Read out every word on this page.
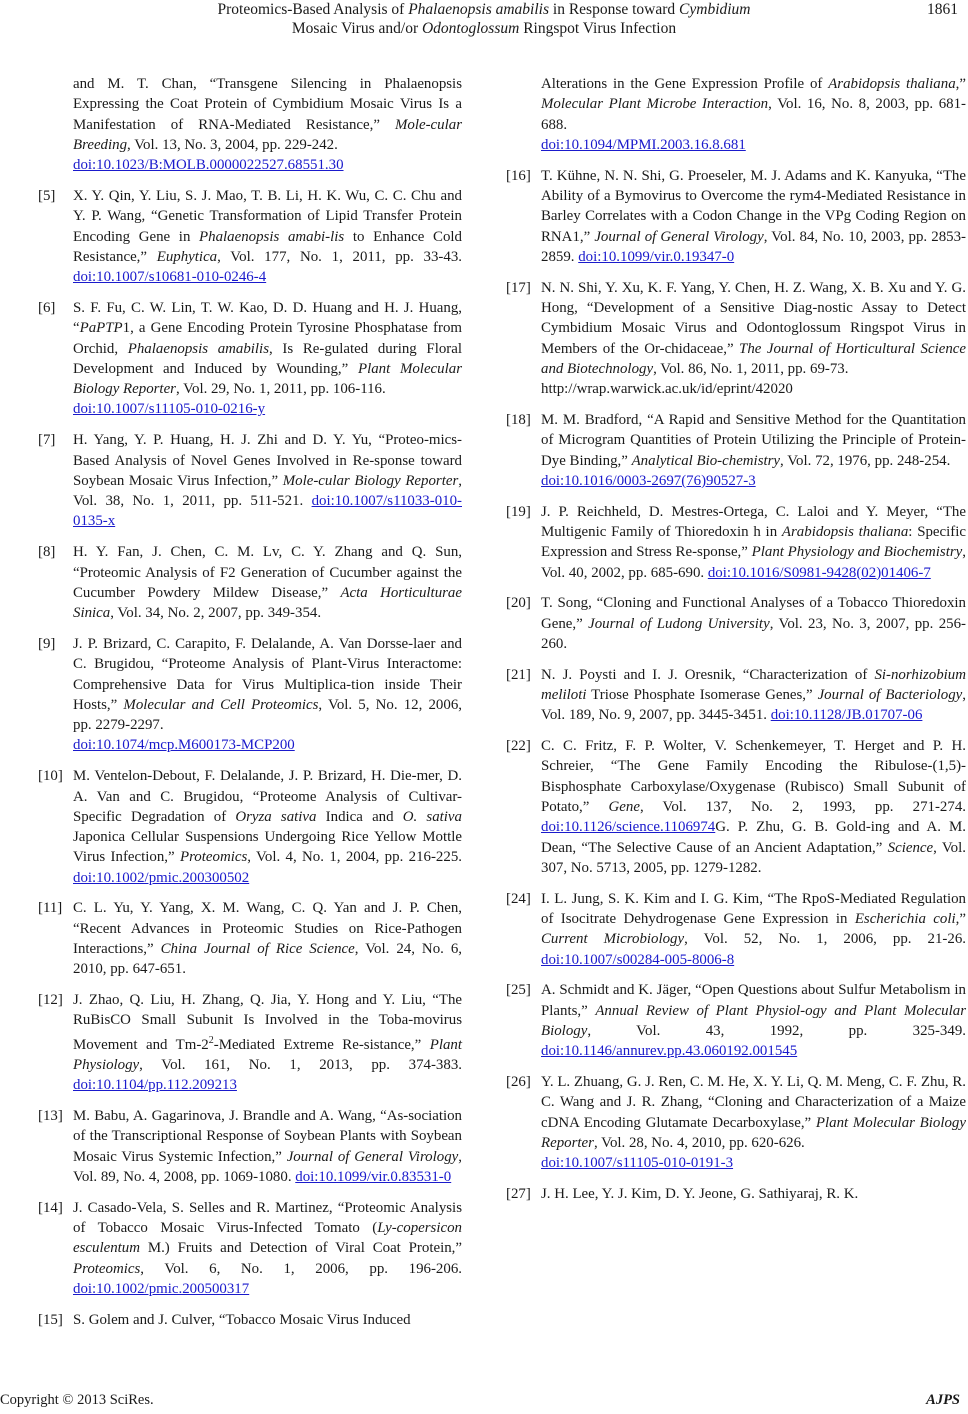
Proteomics-Based Analysis of Phalaenopsis amabilis in Response toward Cymbidium
Mosaic Virus and/or Odontoglossum Ringspot Virus Infection
1861
and M. T. Chan, “Transgene Silencing in Phalaenopsis Expressing the Coat Protein of Cymbidium Mosaic Virus Is a Manifestation of RNA-Mediated Resistance,” Mole-cular Breeding, Vol. 13, No. 3, 2004, pp. 229-242.
doi:10.1023/B:MOLB.0000022527.68551.30
[5] X. Y. Qin, Y. Liu, S. J. Mao, T. B. Li, H. K. Wu, C. C. Chu and Y. P. Wang, “Genetic Transformation of Lipid Transfer Protein Encoding Gene in Phalaenopsis amabi-lis to Enhance Cold Resistance,” Euphytica, Vol. 177, No. 1, 2011, pp. 33-43. doi:10.1007/s10681-010-0246-4
[6] S. F. Fu, C. W. Lin, T. W. Kao, D. D. Huang and H. J. Huang, “PaPTP1, a Gene Encoding Protein Tyrosine Phosphatase from Orchid, Phalaenopsis amabilis, Is Re-gulated during Floral Development and Induced by Wounding,” Plant Molecular Biology Reporter, Vol. 29, No. 1, 2011, pp. 106-116.
doi:10.1007/s11105-010-0216-y
[7] H. Yang, Y. P. Huang, H. J. Zhi and D. Y. Yu, “Proteo-mics-Based Analysis of Novel Genes Involved in Re-sponse toward Soybean Mosaic Virus Infection,” Mole-cular Biology Reporter, Vol. 38, No. 1, 2011, pp. 511-521. doi:10.1007/s11033-010-0135-x
[8] H. Y. Fan, J. Chen, C. M. Lv, C. Y. Zhang and Q. Sun, “Proteomic Analysis of F2 Generation of Cucumber against the Cucumber Powdery Mildew Disease,” Acta Horticulturae Sinica, Vol. 34, No. 2, 2007, pp. 349-354.
[9] J. P. Brizard, C. Carapito, F. Delalande, A. Van Dorsse-laer and C. Brugidou, “Proteome Analysis of Plant-Virus Interactome: Comprehensive Data for Virus Multiplica-tion inside Their Hosts,” Molecular and Cell Proteomics, Vol. 5, No. 12, 2006, pp. 2279-2297.
doi:10.1074/mcp.M600173-MCP200
[10] M. Ventelon-Debout, F. Delalande, J. P. Brizard, H. Die-mer, D. A. Van and C. Brugidou, “Proteome Analysis of Cultivar-Specific Degradation of Oryza sativa Indica and O. sativa Japonica Cellular Suspensions Undergoing Rice Yellow Mottle Virus Infection,” Proteomics, Vol. 4, No. 1, 2004, pp. 216-225. doi:10.1002/pmic.200300502
[11] C. L. Yu, Y. Yang, X. M. Wang, C. Q. Yan and J. P. Chen, “Recent Advances in Proteomic Studies on Rice-Pathogen Interactions,” China Journal of Rice Science, Vol. 24, No. 6, 2010, pp. 647-651.
[12] J. Zhao, Q. Liu, H. Zhang, Q. Jia, Y. Hong and Y. Liu, “The RuBisCO Small Subunit Is Involved in the Toba-movirus Movement and $Tm-2^2$-Mediated Extreme Re-sistance,” Plant Physiology, Vol. 161, No. 1, 2013, pp. 374-383. doi:10.1104/pp.112.209213
[13] M. Babu, A. Gagarinova, J. Brandle and A. Wang, “As-sociation of the Transcriptional Response of Soybean Plants with Soybean Mosaic Virus Systemic Infection,” Journal of General Virology, Vol. 89, No. 4, 2008, pp. 1069-1080. doi:10.1099/vir.0.83531-0
[14] J. Casado-Vela, S. Selles and R. Martinez, “Proteomic Analysis of Tobacco Mosaic Virus-Infected Tomato (Ly-copersicon esculentum M.) Fruits and Detection of Viral Coat Protein,” Proteomics, Vol. 6, No. 1, 2006, pp. 196-206. doi:10.1002/pmic.200500317
[15] S. Golem and J. Culver, “Tobacco Mosaic Virus Induced
Alterations in the Gene Expression Profile of Arabidopsis thaliana,” Molecular Plant Microbe Interaction, Vol. 16, No. 8, 2003, pp. 681-688.
doi:10.1094/MPMI.2003.16.8.681
[16] T. Kühne, N. N. Shi, G. Proeseler, M. J. Adams and K. Kanyuka, “The Ability of a Bymovirus to Overcome the rym4-Mediated Resistance in Barley Correlates with a Codon Change in the VPg Coding Region on RNA1,” Journal of General Virology, Vol. 84, No. 10, 2003, pp. 2853-2859. doi:10.1099/vir.0.19347-0
[17] N. N. Shi, Y. Xu, K. F. Yang, Y. Chen, H. Z. Wang, X. B. Xu and Y. G. Hong, “Development of a Sensitive Diag-nostic Assay to Detect Cymbidium Mosaic Virus and Odontoglossum Ringspot Virus in Members of the Or-chidaceae,” The Journal of Horticultural Science and Biotechnology, Vol. 86, No. 1, 2011, pp. 69-73.
http://wrap.warwick.ac.uk/id/eprint/42020
[18] M. M. Bradford, “A Rapid and Sensitive Method for the Quantitation of Microgram Quantities of Protein Utilizing the Principle of Protein-Dye Binding,” Analytical Bio-chemistry, Vol. 72, 1976, pp. 248-254.
doi:10.1016/0003-2697(76)90527-3
[19] J. P. Reichheld, D. Mestres-Ortega, C. Laloi and Y. Meyer, “The Multigenic Family of Thioredoxin h in Arabidopsis thaliana: Specific Expression and Stress Re-sponse,” Plant Physiology and Biochemistry, Vol. 40, 2002, pp. 685-690. doi:10.1016/S0981-9428(02)01406-7
[20] T. Song, “Cloning and Functional Analyses of a Tobacco Thioredoxin Gene,” Journal of Ludong University, Vol. 23, No. 3, 2007, pp. 256-260.
[21] N. J. Poysti and I. J. Oresnik, “Characterization of Si-norhizobium meliloti Triose Phosphate Isomerase Genes,” Journal of Bacteriology, Vol. 189, No. 9, 2007, pp. 3445-3451. doi:10.1128/JB.01707-06
[22] C. C. Fritz, F. P. Wolter, V. Schenkemeyer, T. Herget and P. H. Schreier, “The Gene Family Encoding the Ribulose-(1,5)-Bisphosphate Carboxylase/Oxygenase (Rubisco) Small Subunit of Potato,” Gene, Vol. 137, No. 2, 1993, pp. 271-274. doi:10.1126/science.1106974G. P. Zhu, G. B. Gold-ing and A. M. Dean, “The Selective Cause of an Ancient Adaptation,” Science, Vol. 307, No. 5713, 2005, pp. 1279-1282.
[24] I. L. Jung, S. K. Kim and I. G. Kim, “The RpoS-Mediated Regulation of Isocitrate Dehydrogenase Gene Expression in Escherichia coli,” Current Microbiology, Vol. 52, No. 1, 2006, pp. 21-26. doi:10.1007/s00284-005-8006-8
[25] A. Schmidt and K. Jäger, “Open Questions about Sulfur Metabolism in Plants,” Annual Review of Plant Physiol-ogy and Plant Molecular Biology, Vol. 43, 1992, pp. 325-349. doi:10.1146/annurev.pp.43.060192.001545
[26] Y. L. Zhuang, G. J. Ren, C. M. He, X. Y. Li, Q. M. Meng, C. F. Zhu, R. C. Wang and J. R. Zhang, “Cloning and Characterization of a Maize cDNA Encoding Glutamate Decarboxylase,” Plant Molecular Biology Reporter, Vol. 28, No. 4, 2010, pp. 620-626.
doi:10.1007/s11105-010-0191-3
[27] J. H. Lee, Y. J. Kim, D. Y. Jeone, G. Sathiyaraj, R. K.
Copyright © 2013 SciRes.	AJPS
